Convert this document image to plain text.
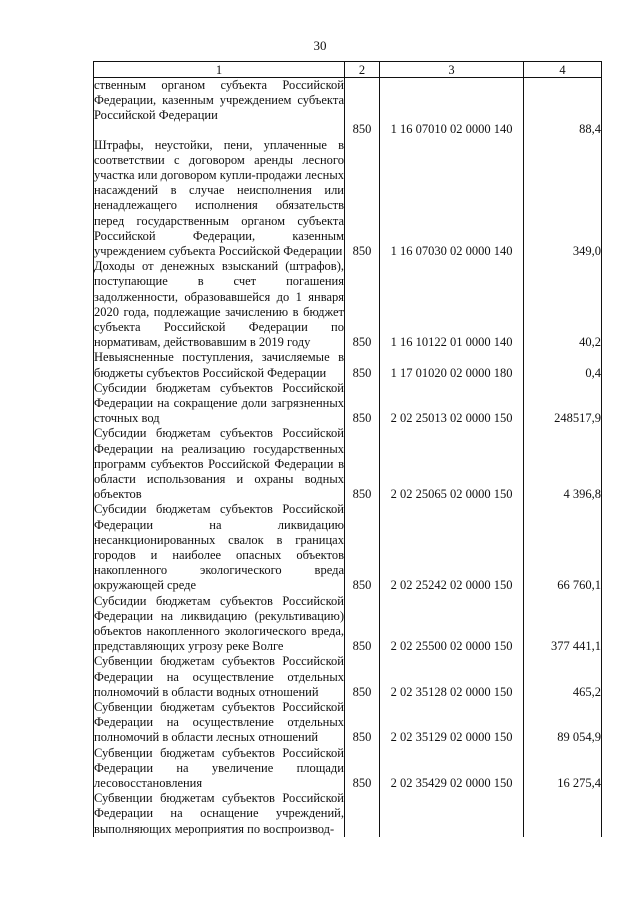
30
1	2	3	4
ственным органом субъекта Российской Федерации, казенным учреждением субъекта Российской Федерации	850	1 16 07010 02 0000 140	88,4
Штрафы, неустойки, пени, уплаченные в соответствии с договором аренды лесного участка или договором купли-продажи лесных насаждений в случае неисполнения или ненадлежащего исполнения обязательств перед государственным органом субъекта Российской Федерации, казенным учреждением субъекта Российской Федерации	850	1 16 07030 02 0000 140	349,0
Доходы от денежных взысканий (штрафов), поступающие в счет погашения задолженности, образовавшейся до 1 января 2020 года, подлежащие зачислению в бюджет субъекта Российской Федерации по нормативам, действовавшим в 2019 году	850	1 16 10122 01 0000 140	40,2
Невыясненные поступления, зачисляемые в бюджеты субъектов Российской Федерации	850	1 17 01020 02 0000 180	0,4
Субсидии бюджетам субъектов Российской Федерации на сокращение доли загрязненных сточных вод	850	2 02 25013 02 0000 150	248517,9
Субсидии бюджетам субъектов Российской Федерации на реализацию государственных программ субъектов Российской Федерации в области использования и охраны водных объектов	850	2 02 25065 02 0000 150	4 396,8
Субсидии бюджетам субъектов Российской Федерации на ликвидацию несанкционированных свалок в границах городов и наиболее опасных объектов накопленного экологического вреда окружающей среде	850	2 02 25242 02 0000 150	66 760,1
Субсидии бюджетам субъектов Российской Федерации на ликвидацию (рекультивацию) объектов накопленного экологического вреда, представляющих угрозу реке Волге	850	2 02 25500 02 0000 150	377 441,1
Субвенции бюджетам субъектов Российской Федерации на осуществление отдельных полномочий в области водных отношений	850	2 02 35128 02 0000 150	465,2
Субвенции бюджетам субъектов Российской Федерации на осуществление отдельных полномочий в области лесных отношений	850	2 02 35129 02 0000 150	89 054,9
Субвенции бюджетам субъектов Российской Федерации на увеличение площади лесовосстановления	850	2 02 35429 02 0000 150	16 275,4
Субвенции бюджетам субъектов Российской Федерации на оснащение учреждений, выполняющих мероприятия по воспроизвод-			
